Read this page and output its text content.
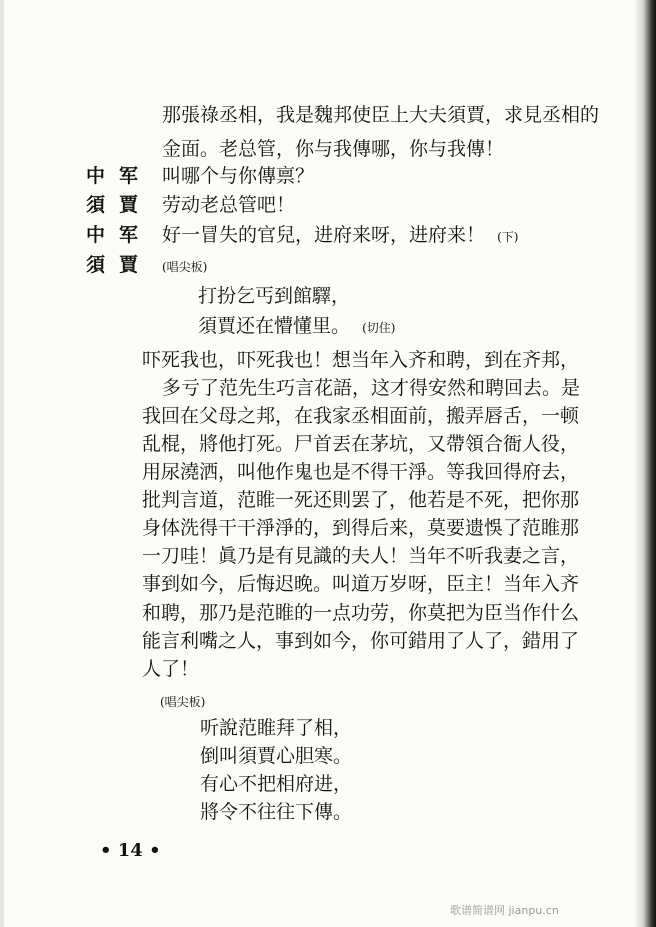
那張祿丞相，我是魏邦使臣上大夫須賈，求見丞相的
金面。老总管，你与我傳哪，你与我傳！
中军 叫哪个与你傳禀？
須賈 劳动老总管吧！
中军 好一冒失的官兒，进府来呀，进府来！ (下)
須賈 (唱尖板)
打扮乞丐到館驛，
須賈还在懵懂里。 (切住)
吓死我也，吓死我也！想当年入齐和聘，到在齐邦，
多亏了范先生巧言花語，这才得安然和聘回去。是
我回在父母之邦，在我家丞相面前，搬弄唇舌，一顿
乱棍，將他打死。尸首丟在茅坑，又帶領合衙人役，
用尿澆洒，叫他作鬼也是不得干淨。等我回得府去，
批判言道，范睢一死还則罢了，他若是不死，把你那
身体洗得干干淨淨的，到得后来，莫要遗悞了范睢那
一刀哇！眞乃是有見識的夫人！当年不听我妻之言，
事到如今，后悔迟晚。叫道万岁呀，臣主！当年入齐
和聘，那乃是范睢的一点功劳，你莫把为臣当作什么
能言利嘴之人，事到如今，你可錯用了人了，錯用了
人了！
(唱尖板)
听說范睢拜了相，
倒叫須賈心胆寒。
有心不把相府进，
將令不往往下傳。
• 14 •
歌谱简谱网 jianpu.cn
